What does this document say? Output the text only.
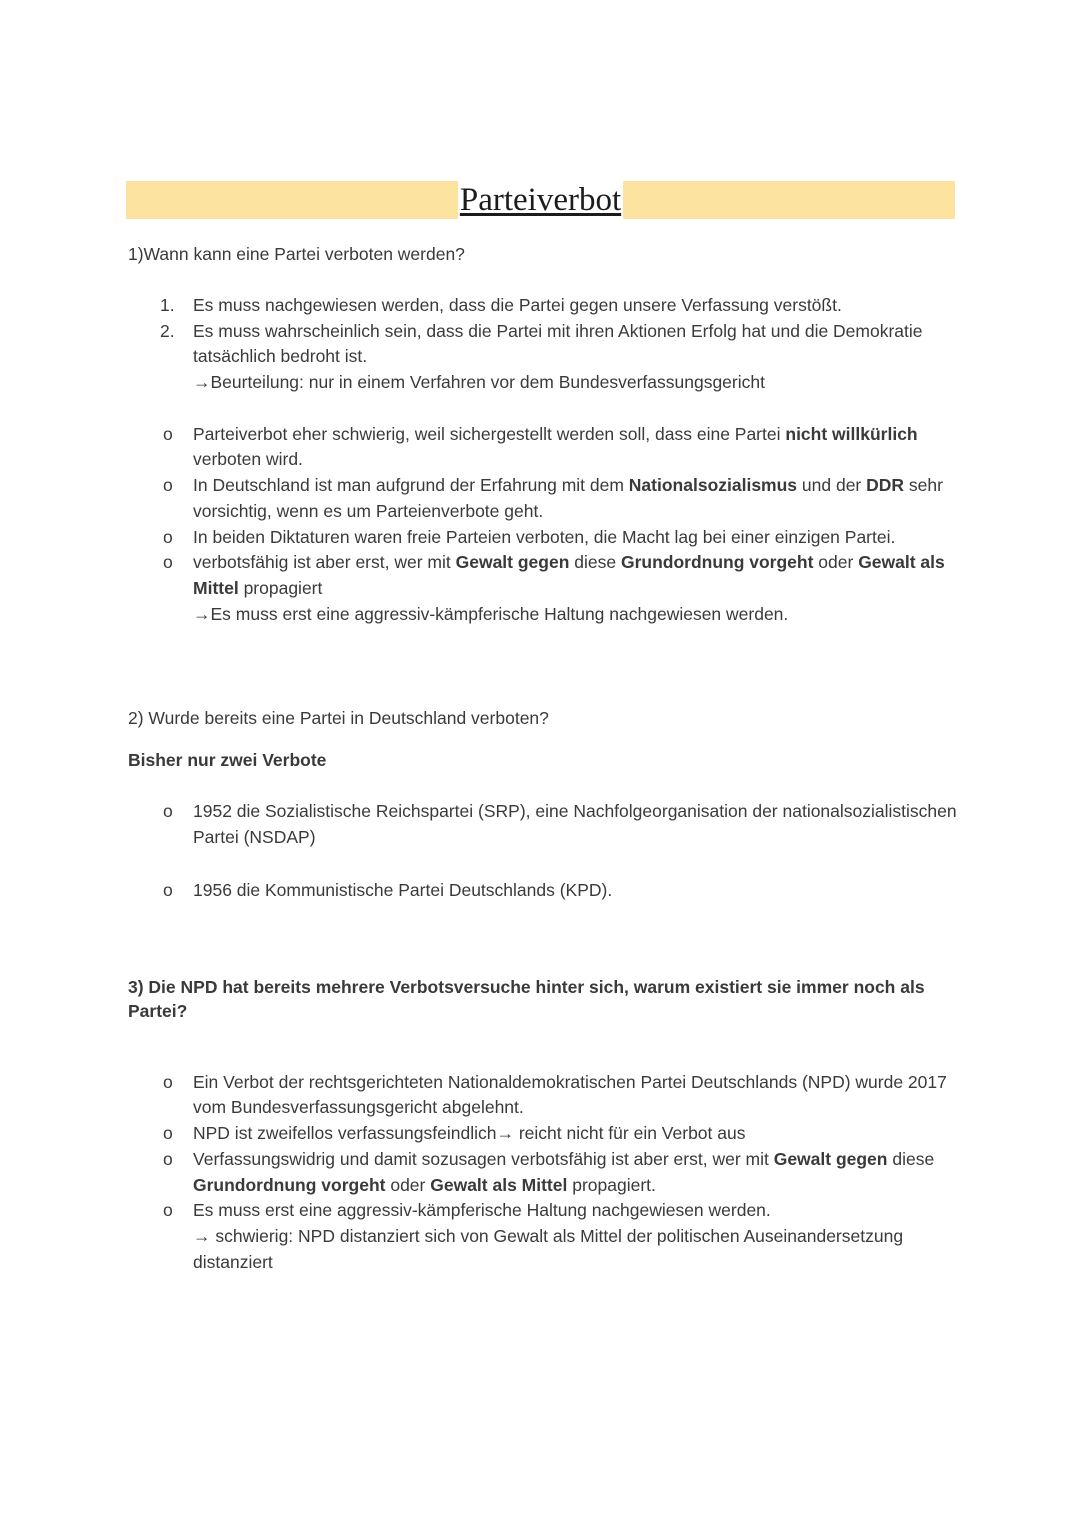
Parteiverbot

1)Wann kann eine Partei verboten werden?

1. Es muss nachgewiesen werden, dass die Partei gegen unsere Verfassung verstößt.
2. Es muss wahrscheinlich sein, dass die Partei mit ihren Aktionen Erfolg hat und die Demokratie tatsächlich bedroht ist.
→Beurteilung: nur in einem Verfahren vor dem Bundesverfassungsgericht
o Parteiverbot eher schwierig, weil sichergestellt werden soll, dass eine Partei nicht willkürlich verboten wird.
o In Deutschland ist man aufgrund der Erfahrung mit dem Nationalsozialismus und der DDR sehr vorsichtig, wenn es um Parteienverbote geht.
o In beiden Diktaturen waren freie Parteien verboten, die Macht lag bei einer einzigen Partei.
o verbotsfähig ist aber erst, wer mit Gewalt gegen diese Grundordnung vorgeht oder Gewalt als Mittel propagiert
→Es muss erst eine aggressiv-kämpferische Haltung nachgewiesen werden.

2) Wurde bereits eine Partei in Deutschland verboten?

Bisher nur zwei Verbote

o 1952 die Sozialistische Reichspartei (SRP), eine Nachfolgeorganisation der nationalsozialistischen Partei (NSDAP)
o 1956 die Kommunistische Partei Deutschlands (KPD).

3) Die NPD hat bereits mehrere Verbotsversuche hinter sich, warum existiert sie immer noch als Partei?

o Ein Verbot der rechtsgerichteten Nationaldemokratischen Partei Deutschlands (NPD) wurde 2017 vom Bundesverfassungsgericht abgelehnt.
o NPD ist zweifellos verfassungsfeindlich→ reicht nicht für ein Verbot aus
o Verfassungswidrig und damit sozusagen verbotsfähig ist aber erst, wer mit Gewalt gegen diese Grundordnung vorgeht oder Gewalt als Mittel propagiert.
o Es muss erst eine aggressiv-kämpferische Haltung nachgewiesen werden.
→ schwierig: NPD distanziert sich von Gewalt als Mittel der politischen Auseinandersetzung distanziert
